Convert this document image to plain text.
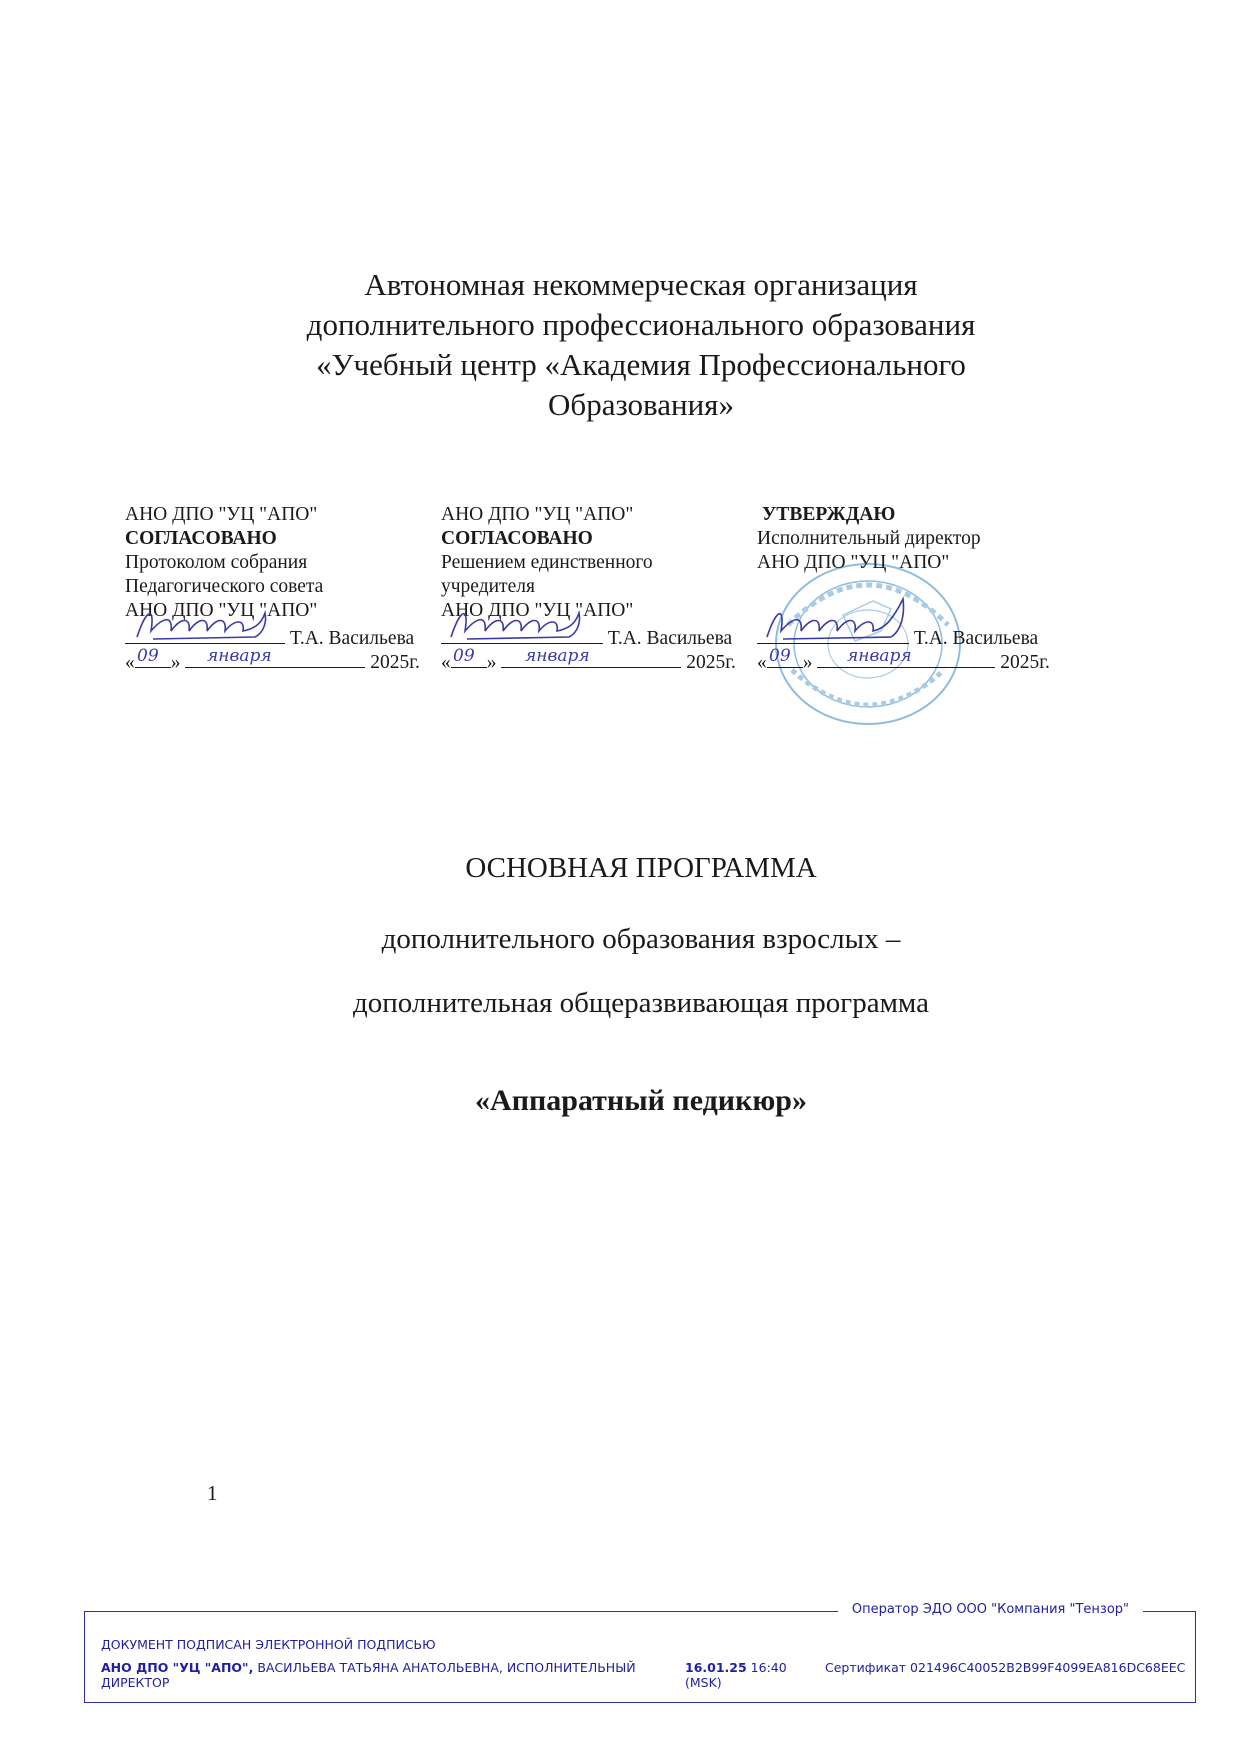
Автономная некоммерческая организация
дополнительного профессионального образования
«Учебный центр «Академия Профессионального
Образования»
АНО ДПО "УЦ "АПО"
СОГЛАСОВАНО
Протоколом собрания
Педагогического совета
АНО ДПО "УЦ "АПО"
Т.А. Васильева
« »	2025г.
09	января
АНО ДПО "УЦ "АПО"
СОГЛАСОВАНО
Решением единственного
учредителя
АНО ДПО "УЦ "АПО"
Т.А. Васильева
« »	2025г.
09	января
УТВЕРЖДАЮ
Исполнительный директор
АНО ДПО "УЦ "АПО"
Т.А. Васильева
« »	2025г.
09	января
ОСНОВНАЯ ПРОГРАММА
дополнительного образования взрослых –
дополнительная общеразвивающая программа
«Аппаратный педикюр»
1
Оператор ЭДО ООО "Компания "Тензор"
ДОКУМЕНТ ПОДПИСАН ЭЛЕКТРОННОЙ ПОДПИСЬЮ
АНО ДПО "УЦ "АПО", ВАСИЛЬЕВА ТАТЬЯНА АНАТОЛЬЕВНА, ИСПОЛНИТЕЛЬНЫЙ ДИРЕКТОР
16.01.25 16:40 (MSK)
Сертификат 021496C40052B2B99F4099EA816DC68EEC
